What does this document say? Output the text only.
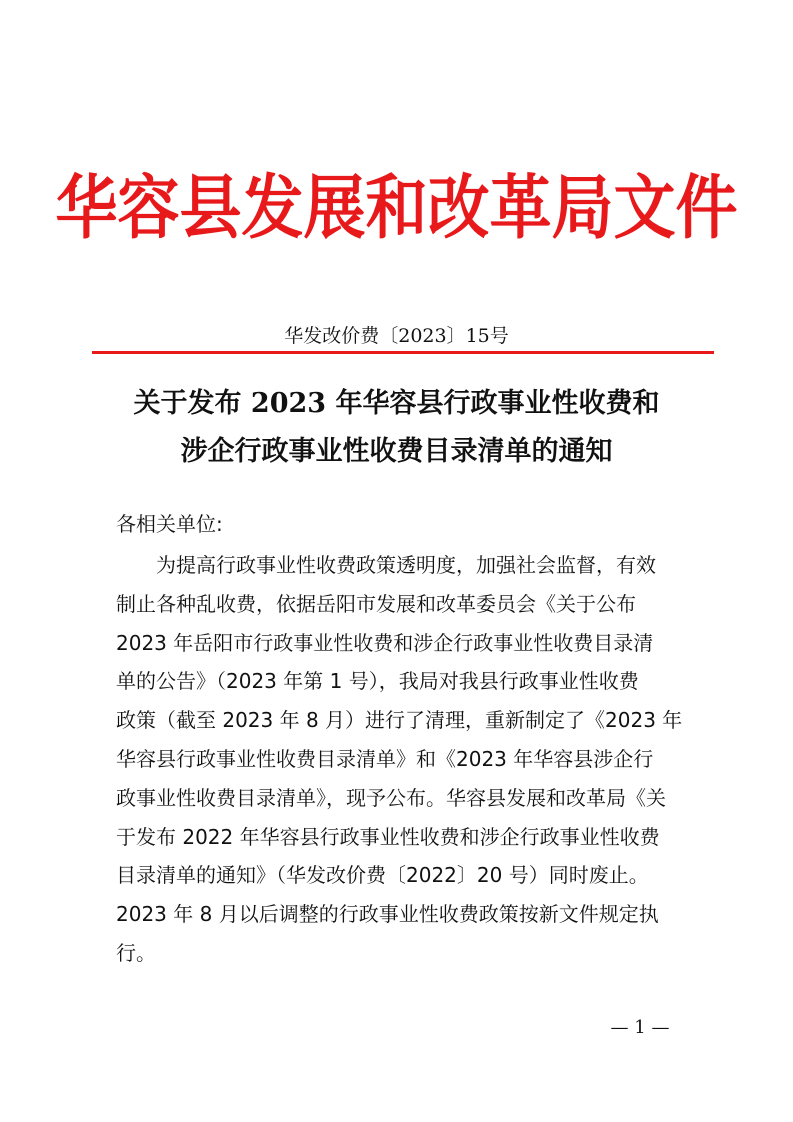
华容县发展和改革局文件
华发改价费〔2023〕15号
关于发布 2023 年华容县行政事业性收费和
涉企行政事业性收费目录清单的通知
各相关单位:
为提高行政事业性收费政策透明度，加强社会监督，有效
制止各种乱收费，依据岳阳市发展和改革委员会《关于公布
2023 年岳阳市行政事业性收费和涉企行政事业性收费目录清
单的公告》（2023 年第 1 号），我局对我县行政事业性收费
政策（截至 2023 年 8 月）进行了清理，重新制定了《2023 年
华容县行政事业性收费目录清单》和《2023 年华容县涉企行
政事业性收费目录清单》，现予公布。华容县发展和改革局《关
于发布 2022 年华容县行政事业性收费和涉企行政事业性收费
目录清单的通知》（华发改价费〔2022〕20 号）同时废止。
2023 年 8 月以后调整的行政事业性收费政策按新文件规定执
行。
— 1 —
